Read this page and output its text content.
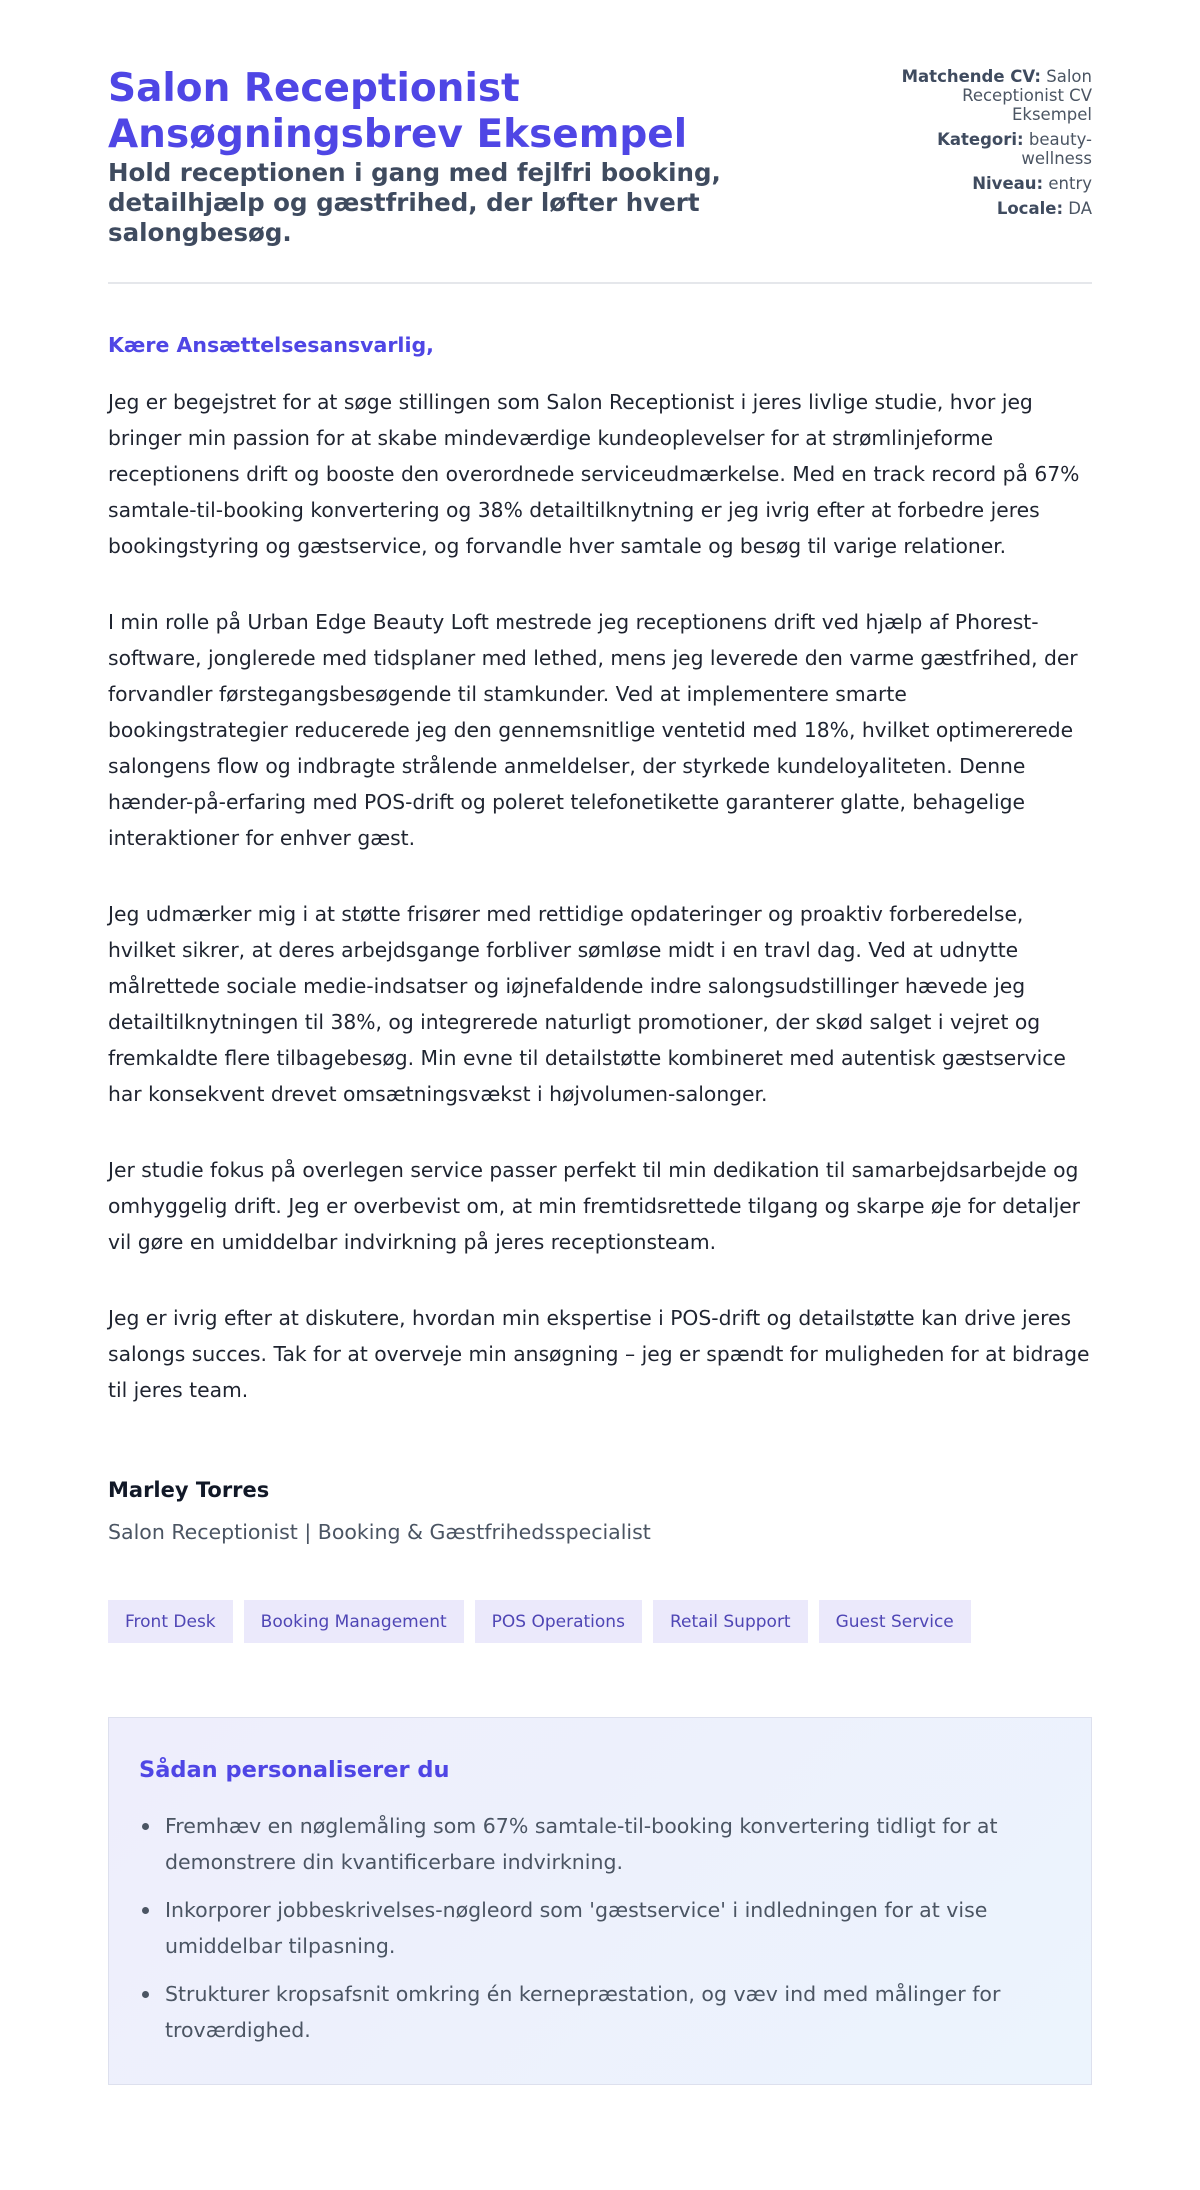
Salon Receptionist Ansøgningsbrev Eksempel
Hold receptionen i gang med fejlfri booking, detailhjælp og gæstfrihed, der løfter hvert salongbesøg.
Matchende CV: Salon Receptionist CV Eksempel
Kategori: beauty-wellness
Niveau: entry
Locale: DA

Kære Ansættelsesansvarlig,

Jeg er begejstret for at søge stillingen som Salon Receptionist i jeres livlige studie, hvor jeg bringer min passion for at skabe mindeværdige kundeoplevelser for at strømlinjeforme receptionens drift og booste den overordnede serviceudmærkelse. Med en track record på 67% samtale-til-booking konvertering og 38% detailtilknytning er jeg ivrig efter at forbedre jeres bookingstyring og gæstservice, og forvandle hver samtale og besøg til varige relationer.

I min rolle på Urban Edge Beauty Loft mestrede jeg receptionens drift ved hjælp af Phorest-software, jonglerede med tidsplaner med lethed, mens jeg leverede den varme gæstfrihed, der forvandler førstegangsbesøgende til stamkunder. Ved at implementere smarte bookingstrategier reducerede jeg den gennemsnitlige ventetid med 18%, hvilket optimererede salongens flow og indbragte strålende anmeldelser, der styrkede kundeloyaliteten. Denne hænder-på-erfaring med POS-drift og poleret telefonetikette garanterer glatte, behagelige interaktioner for enhver gæst.

Jeg udmærker mig i at støtte frisører med rettidige opdateringer og proaktiv forberedelse, hvilket sikrer, at deres arbejdsgange forbliver sømløse midt i en travl dag. Ved at udnytte målrettede sociale medie-indsatser og iøjnefaldende indre salongsudstillinger hævede jeg detailtilknytningen til 38%, og integrerede naturligt promotioner, der skød salget i vejret og fremkaldte flere tilbagebesøg. Min evne til detailstøtte kombineret med autentisk gæstservice har konsekvent drevet omsætningsvækst i højvolumen-salonger.

Jer studie fokus på overlegen service passer perfekt til min dedikation til samarbejdsarbejde og omhyggelig drift. Jeg er overbevist om, at min fremtidsrettede tilgang og skarpe øje for detaljer vil gøre en umiddelbar indvirkning på jeres receptionsteam.

Jeg er ivrig efter at diskutere, hvordan min ekspertise i POS-drift og detailstøtte kan drive jeres salongs succes. Tak for at overveje min ansøgning – jeg er spændt for muligheden for at bidrage til jeres team.

Marley Torres
Salon Receptionist | Booking & Gæstfrihedsspecialist
Front Desk	Booking Management	POS Operations	Retail Support	Guest Service
Sådan personaliserer du
Fremhæv en nøglemåling som 67% samtale-til-booking konvertering tidligt for at demonstrere din kvantificerbare indvirkning.
Inkorporer jobbeskrivelses-nøgleord som 'gæstservice' i indledningen for at vise umiddelbar tilpasning.
Strukturer kropsafsnit omkring én kernepræstation, og væv ind med målinger for troværdighed.
